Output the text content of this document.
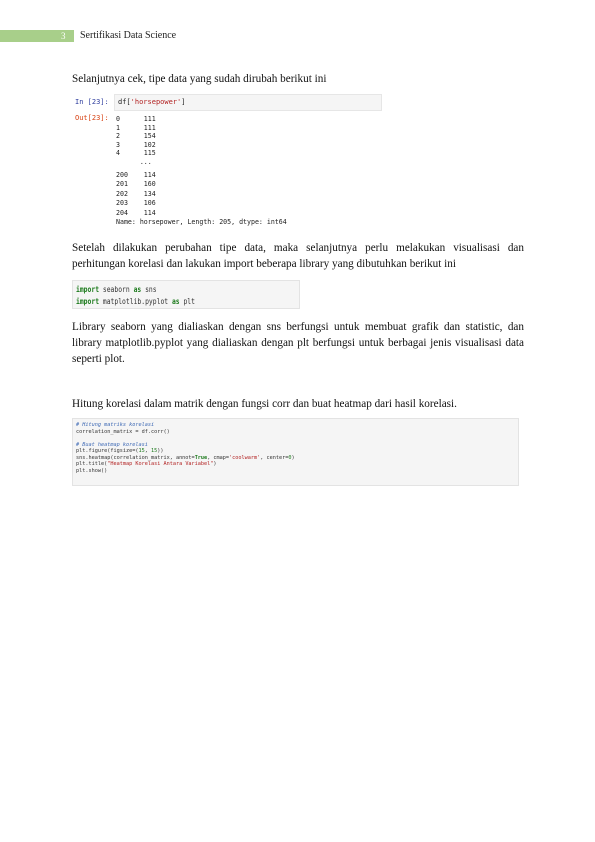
3	Sertifikasi Data Science
Selanjutnya cek, tipe data yang sudah dirubah berikut ini
In [23]: df['horsepower']
Out[23]: 0      111
1      111
2      154
3      102
4      115
...
200    114
201    160
202    134
203    106
204    114
Name: horsepower, Length: 205, dtype: int64
Setelah dilakukan perubahan tipe data, maka selanjutnya perlu melakukan visualisasi dan perhitungan korelasi dan lakukan import beberapa library yang dibutuhkan berikut ini
import seaborn as sns
import matplotlib.pyplot as plt
Library seaborn yang dialiaskan dengan sns berfungsi untuk membuat grafik dan statistic, dan library matplotlib.pyplot yang dialiaskan dengan plt berfungsi untuk berbagai jenis visualisasi data seperti plot.
Hitung korelasi dalam matrik dengan fungsi corr dan buat heatmap dari hasil korelasi.
# Hitung matriks korelasi
correlation_matrix = df.corr()
# Buat heatmap korelasi
plt.figure(figsize=(15, 15))
sns.heatmap(correlation_matrix, annot=True, cmap='coolwarm', center=0)
plt.title("Heatmap Korelasi Antara Variabel")
plt.show()
